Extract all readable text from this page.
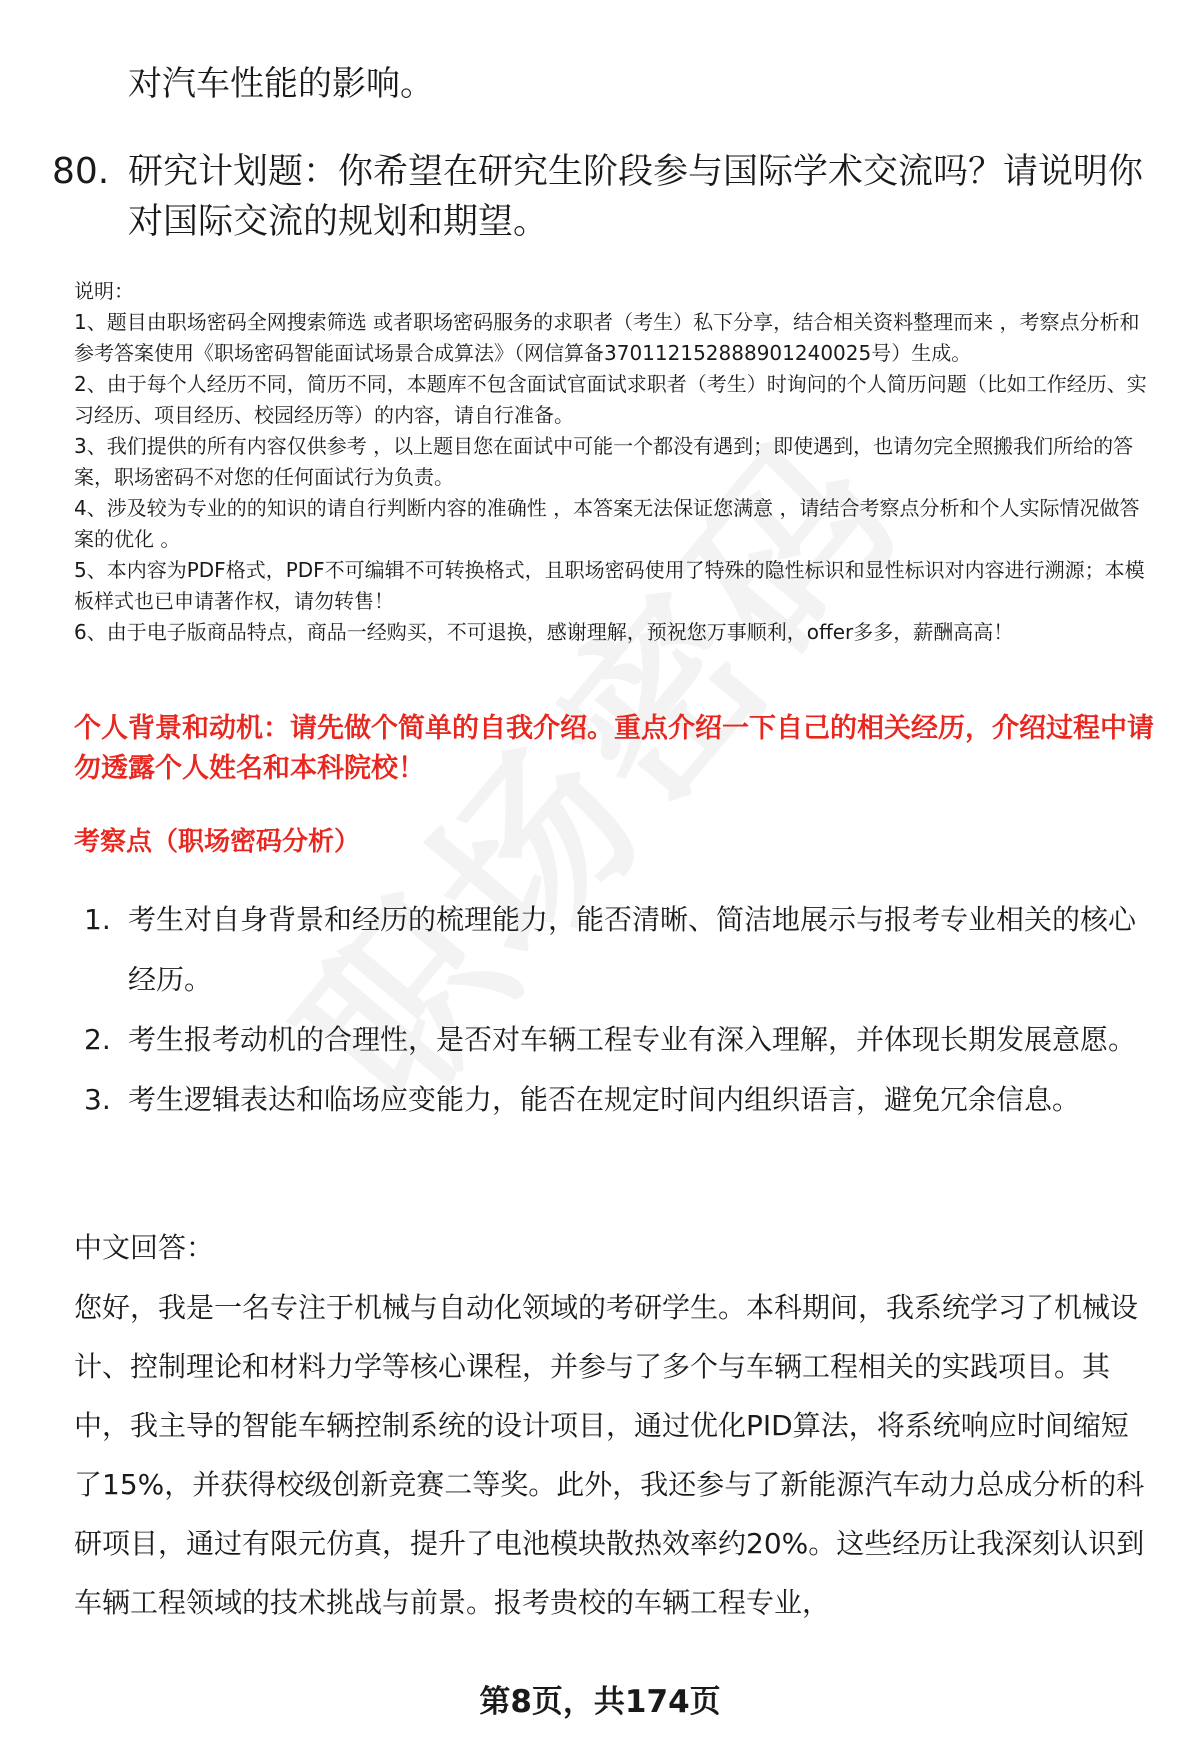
对汽车性能的影响。
80. 研究计划题：你希望在研究生阶段参与国际学术交流吗？请说明你对国际交流的规划和期望。

说明：

1、题目由职场密码全网搜索筛选 或者职场密码服务的求职者（考生）私下分享，结合相关资料整理而来 ，考察点分析和参考答案使用《职场密码智能面试场景合成算法》（网信算备370112152888901240025号）生成。

2、由于每个人经历不同，简历不同，本题库不包含面试官面试求职者（考生）时询问的个人简历问题（比如工作经历、实习经历、项目经历、校园经历等）的内容，请自行准备。

3、我们提供的所有内容仅供参考 ，以上题目您在面试中可能一个都没有遇到；即使遇到，也请勿完全照搬我们所给的答案，职场密码不对您的任何面试行为负责。

4、涉及较为专业的的知识的请自行判断内容的准确性 ，本答案无法保证您满意 ，请结合考察点分析和个人实际情况做答案的优化 。

5、本内容为PDF格式，PDF不可编辑不可转换格式，且职场密码使用了特殊的隐性标识和显性标识对内容进行溯源；本模板样式也已申请著作权，请勿转售！

6、由于电子版商品特点，商品一经购买，不可退换，感谢理解，预祝您万事顺利，offer多多，薪酬高高！

个人背景和动机：请先做个简单的自我介绍。重点介绍一下自己的相关经历，介绍过程中请勿透露个人姓名和本科院校！
考察点（职场密码分析）
1. 考生对自身背景和经历的梳理能力，能否清晰、简洁地展示与报考专业相关的核心经历。
2. 考生报考动机的合理性，是否对车辆工程专业有深入理解，并体现长期发展意愿。
3. 考生逻辑表达和临场应变能力，能否在规定时间内组织语言，避免冗余信息。
中文回答：
您好，我是一名专注于机械与自动化领域的考研学生。本科期间，我系统学习了机械设计、控制理论和材料力学等核心课程，并参与了多个与车辆工程相关的实践项目。其中，我主导的智能车辆控制系统的设计项目，通过优化PID算法，将系统响应时间缩短了15%，并获得校级创新竞赛二等奖。此外，我还参与了新能源汽车动力总成分析的科研项目，通过有限元仿真，提升了电池模块散热效率约20%。这些经历让我深刻认识到车辆工程领域的技术挑战与前景。报考贵校的车辆工程专业，
第8页，共174页
